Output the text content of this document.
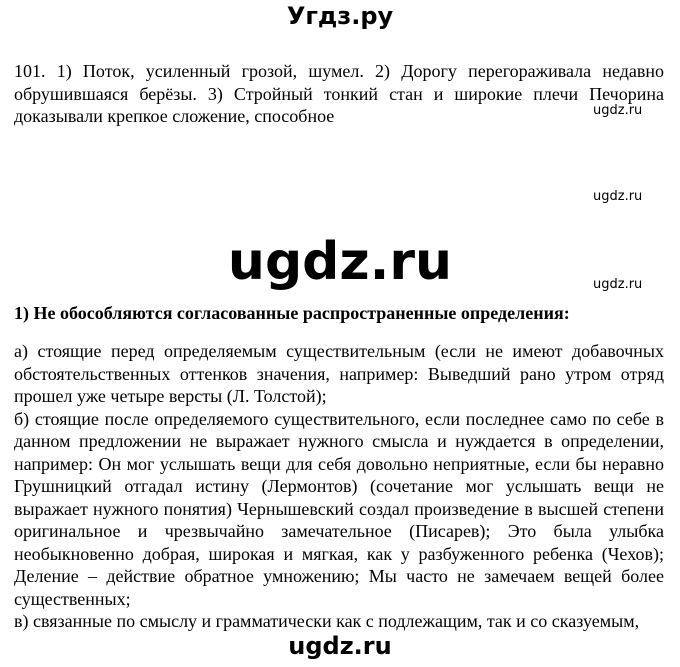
Угдз.ру

101. 1) Поток, усиленный грозой, шумел. 2) Дорогу перегораживала недавно обрушившаяся берёзы. 3) Стройный тонкий стан и широкие плечи Печорина доказывали крепкое сложение, способное	ugdz.ru
ugdz.ru
ugdz.ru
ugdz.ru

1) Не обособляются согласованные распространенные определения:

а) стоящие перед определяемым существительным (если не имеют добавочных обстоятельственных оттенков значения, например: Выведший рано утром отряд прошел уже четыре версты (Л. Толстой);

б) стоящие после определяемого существительного, если последнее само по себе в данном предложении не выражает нужного смысла и нуждается в определении, например: Он мог услышать вещи для себя довольно неприятные, если бы неравно Грушницкий отгадал истину (Лермонтов) (сочетание мог услышать вещи не выражает нужного понятия) Чернышевский создал произведение в высшей степени оригинальное и чрезвычайно замечательное (Писарев); Это была улыбка необыкновенно добрая, широкая и мягкая, как у разбуженного ребенка (Чехов); Деление – действие обратное умножению; Мы часто не замечаем вещей более существенных;

в) связанные по смыслу и грамматически как с подлежащим, так и со сказуемым,

ugdz.ru
